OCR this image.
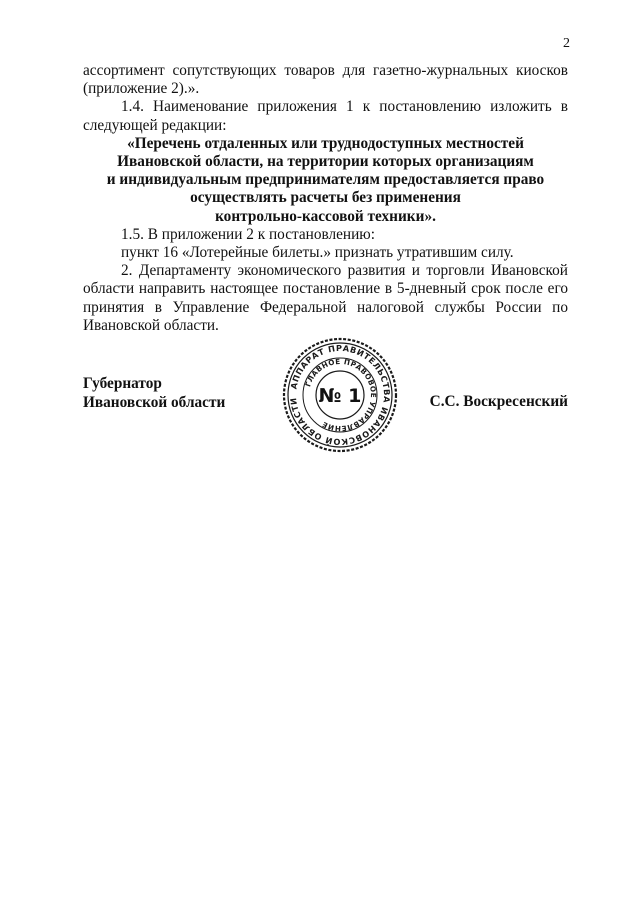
2

ассортимент сопутствующих товаров для газетно-журнальных киосков (приложение 2).».

1.4. Наименование приложения 1 к постановлению изложить в следующей редакции:

«Перечень отдаленных или труднодоступных местностей

Ивановской области, на территории которых организациям

и индивидуальным предпринимателям предоставляется право

осуществлять расчеты без применения

контрольно-кассовой техники».

1.5. В приложении 2 к постановлению:

пункт 16 «Лотерейные билеты.» признать утратившим силу.

2. Департаменту экономического развития и торговли Ивановской области направить настоящее постановление в 5-дневный срок после его принятия в Управление Федеральной налоговой службы России по Ивановской области.

Губернатор
Ивановской области	С.С. Воскресенский
АППАРАТ ПРАВИТЕЛЬСТВА ИВАНОВСКОЙ ОБЛАСТИ
ГЛАВНОЕ ПРАВОВОЕ УПРАВЛЕНИЕ
№ 1
